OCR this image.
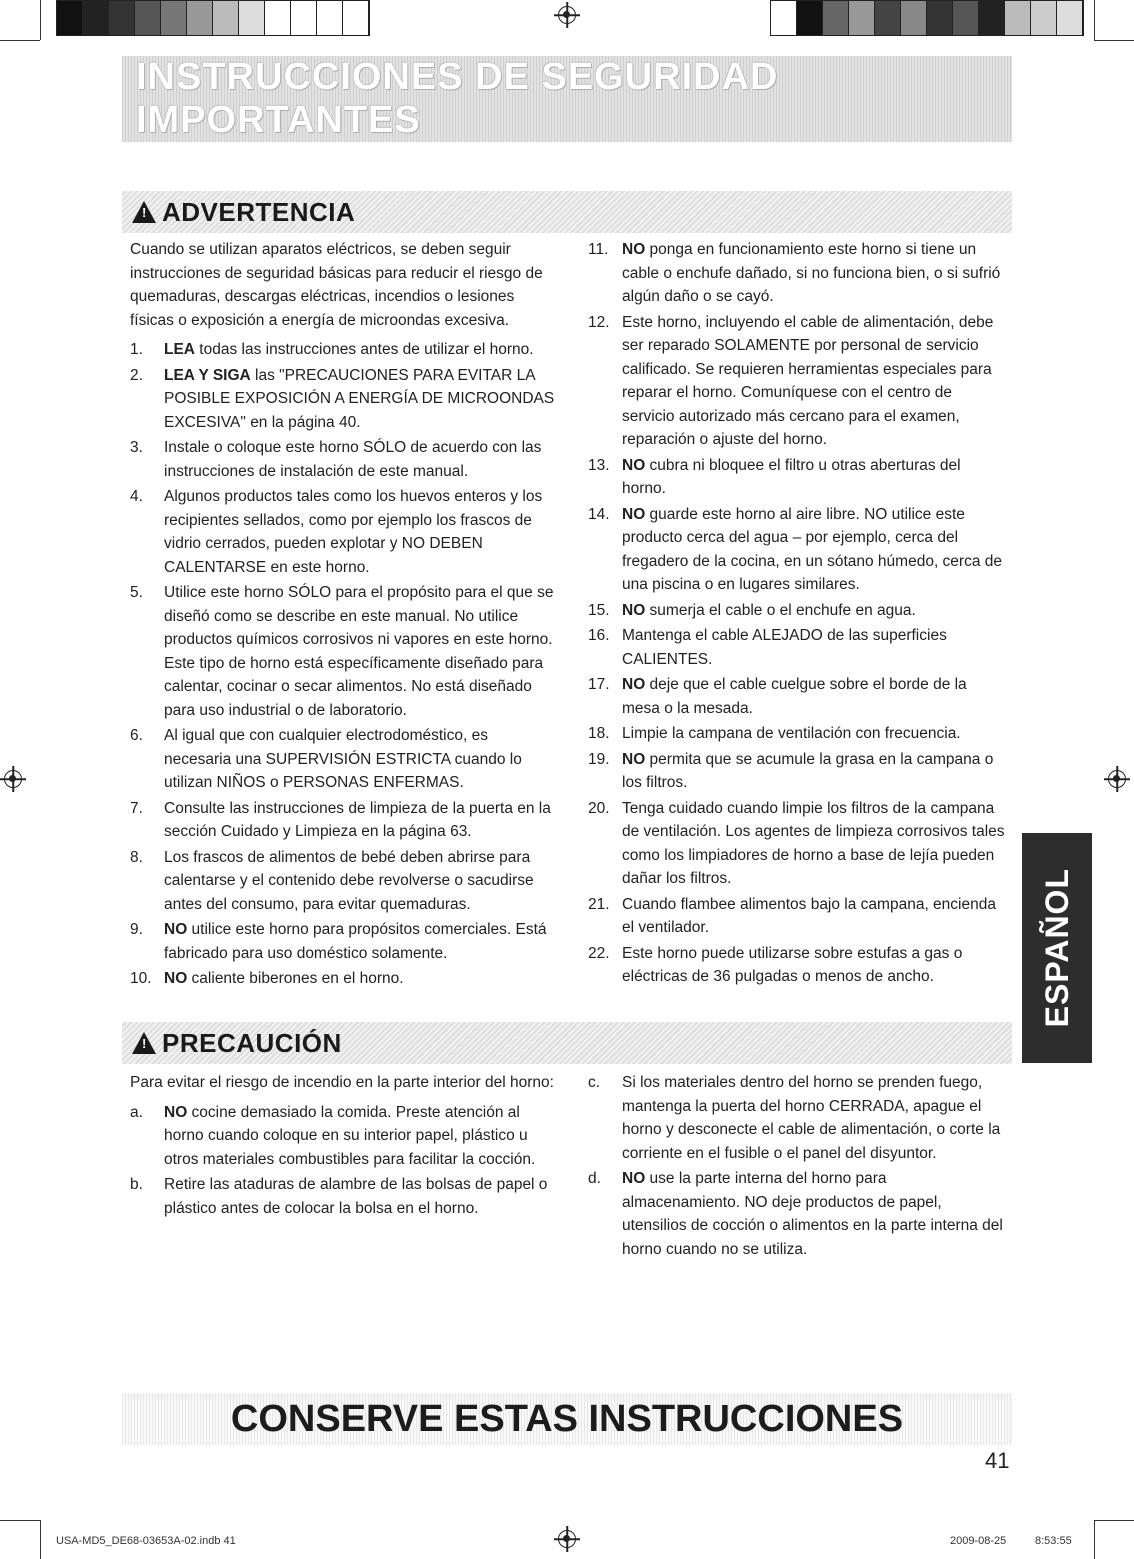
INSTRUCCIONES DE SEGURIDAD IMPORTANTES
! ADVERTENCIA

Cuando se utilizan aparatos eléctricos, se deben seguir instrucciones de seguridad básicas para reducir el riesgo de quemaduras, descargas eléctricas, incendios o lesiones físicas o exposición a energía de microondas excesiva.

1.	LEA todas las instrucciones antes de utilizar el horno.
2.	LEA Y SIGA las "PRECAUCIONES PARA EVITAR LA POSIBLE EXPOSICIÓN A ENERGÍA DE MICROONDAS EXCESIVA" en la página 40.
3.	Instale o coloque este horno SÓLO de acuerdo con las instrucciones de instalación de este manual.
4.	Algunos productos tales como los huevos enteros y los recipientes sellados, como por ejemplo los frascos de vidrio cerrados, pueden explotar y NO DEBEN CALENTARSE en este horno.
5.	Utilice este horno SÓLO para el propósito para el que se diseñó como se describe en este manual. No utilice productos químicos corrosivos ni vapores en este horno. Este tipo de horno está específicamente diseñado para calentar, cocinar o secar alimentos. No está diseñado para uso industrial o de laboratorio.
6.	Al igual que con cualquier electrodoméstico, es necesaria una SUPERVISIÓN ESTRICTA cuando lo utilizan NIÑOS o PERSONAS ENFERMAS.
7.	Consulte las instrucciones de limpieza de la puerta en la sección Cuidado y Limpieza en la página 63.
8.	Los frascos de alimentos de bebé deben abrirse para calentarse y el contenido debe revolverse o sacudirse antes del consumo, para evitar quemaduras.
9.	NO utilice este horno para propósitos comerciales. Está fabricado para uso doméstico solamente.
10. NO caliente biberones en el horno.
11. NO ponga en funcionamiento este horno si tiene un cable o enchufe dañado, si no funciona bien, o si sufrió algún daño o se cayó.
12. Este horno, incluyendo el cable de alimentación, debe ser reparado SOLAMENTE por personal de servicio calificado. Se requieren herramientas especiales para reparar el horno. Comuníquese con el centro de servicio autorizado más cercano para el examen, reparación o ajuste del horno.
13. NO cubra ni bloquee el filtro u otras aberturas del horno.
14. NO guarde este horno al aire libre. NO utilice este producto cerca del agua – por ejemplo, cerca del fregadero de la cocina, en un sótano húmedo, cerca de una piscina o en lugares similares.
15. NO sumerja el cable o el enchufe en agua.
16. Mantenga el cable ALEJADO de las superficies CALIENTES.
17. NO deje que el cable cuelgue sobre el borde de la mesa o la mesada.
18. Limpie la campana de ventilación con frecuencia.
19. NO permita que se acumule la grasa en la campana o los filtros.
20. Tenga cuidado cuando limpie los filtros de la campana de ventilación. Los agentes de limpieza corrosivos tales como los limpiadores de horno a base de lejía pueden dañar los filtros.
21. Cuando flambee alimentos bajo la campana, encienda el ventilador.
22. Este horno puede utilizarse sobre estufas a gas o eléctricas de 36 pulgadas o menos de ancho.
! PRECAUCIÓN

Para evitar el riesgo de incendio en la parte interior del horno:

a.	NO cocine demasiado la comida. Preste atención al horno cuando coloque en su interior papel, plástico u otros materiales combustibles para facilitar la cocción.
b.	Retire las ataduras de alambre de las bolsas de papel o plástico antes de colocar la bolsa en el horno.
c.	Si los materiales dentro del horno se prenden fuego, mantenga la puerta del horno CERRADA, apague el horno y desconecte el cable de alimentación, o corte la corriente en el fusible o el panel del disyuntor.
d.	NO use la parte interna del horno para almacenamiento. NO deje productos de papel, utensilios de cocción o alimentos en la parte interna del horno cuando no se utiliza.
ESPAÑOL
CONSERVE ESTAS INSTRUCCIONES
41
USA-MD5_DE68-03653A-02.indb 41	2009-08-25	8:53:55
